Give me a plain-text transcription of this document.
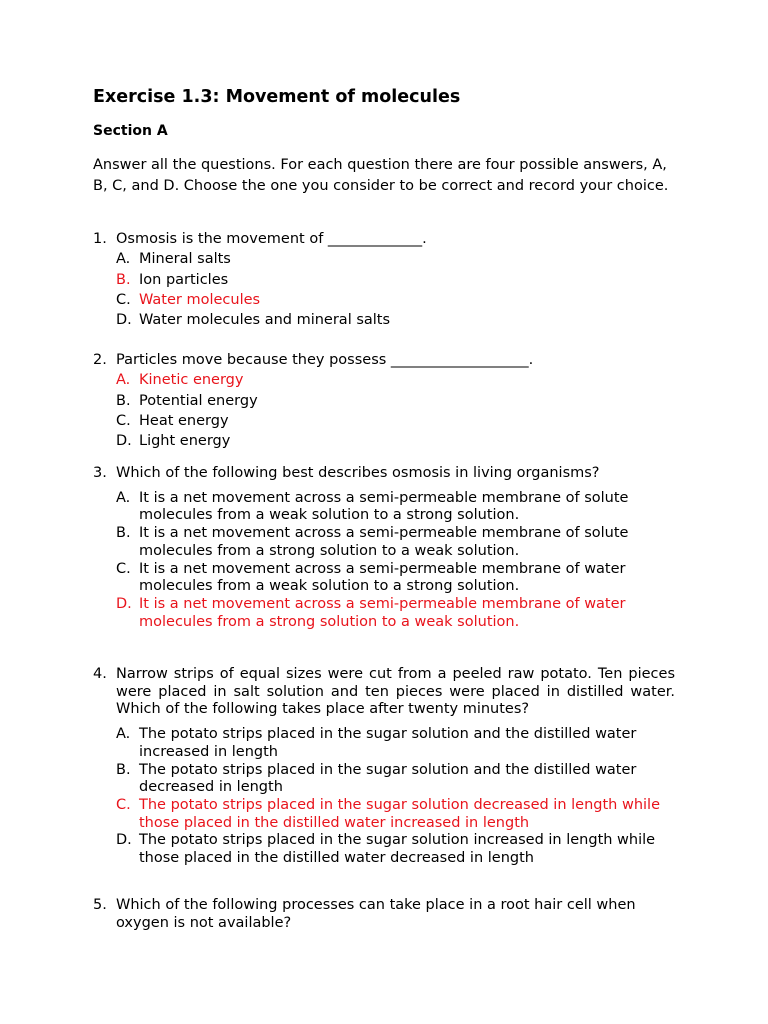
Exercise 1.3: Movement of molecules
Section A
Answer all the questions. For each question there are four possible answers, A, B, C, and D. Choose the one you consider to be correct and record your choice.
1. Osmosis is the movement of _____________.
A. Mineral salts
B. Ion particles
C. Water molecules
D. Water molecules and mineral salts
2. Particles move because they possess ___________________.
A. Kinetic energy
B. Potential energy
C. Heat energy
D. Light energy
3. Which of the following best describes osmosis in living organisms?
A. It is a net movement across a semi-permeable membrane of solute molecules from a weak solution to a strong solution.
B. It is a net movement across a semi-permeable membrane of solute molecules from a strong solution to a weak solution.
C. It is a net movement across a semi-permeable membrane of water molecules from a weak solution to a strong solution.
D. It is a net movement across a semi-permeable membrane of water molecules from a strong solution to a weak solution.
4. Narrow strips of equal sizes were cut from a peeled raw potato. Ten pieces were placed in salt solution and ten pieces were placed in distilled water. Which of the following takes place after twenty minutes?
A. The potato strips placed in the sugar solution and the distilled water increased in length
B. The potato strips placed in the sugar solution and the distilled water decreased in length
C. The potato strips placed in the sugar solution decreased in length while those placed in the distilled water increased in length
D. The potato strips placed in the sugar solution increased in length while those placed in the distilled water decreased in length
5. Which of the following processes can take place in a root hair cell when oxygen is not available?
